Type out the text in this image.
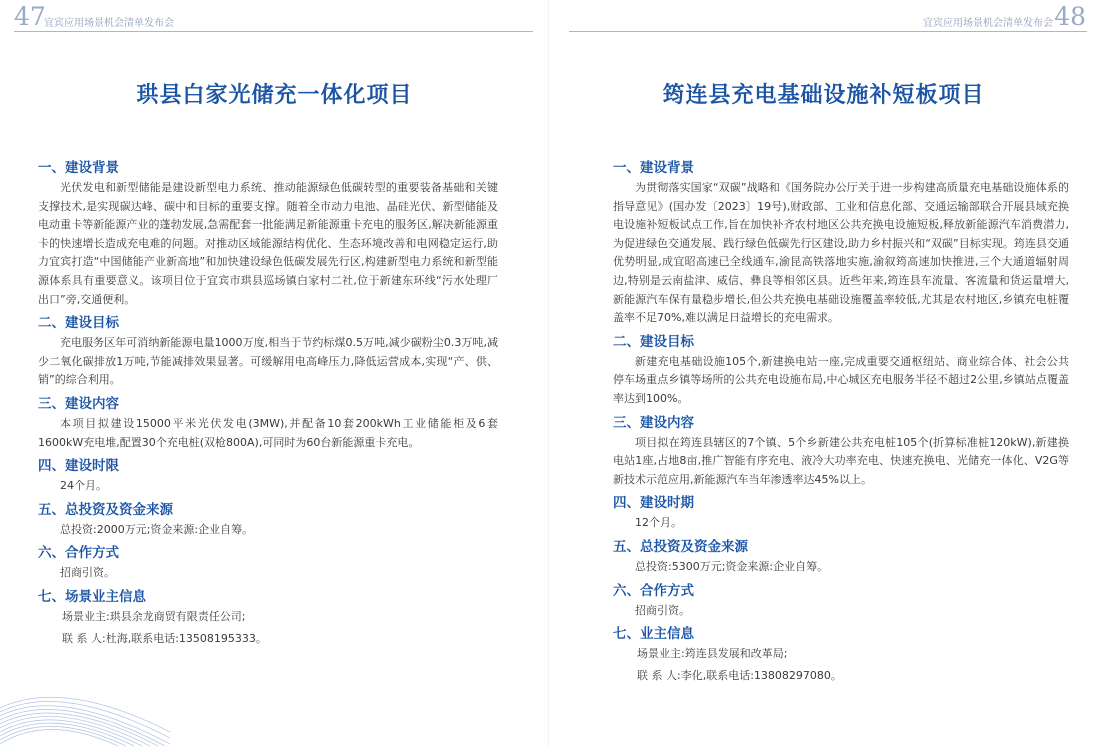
47
宜宾应用场景机会清单发布会
珙县白家光储充一体化项目
一、建设背景

光伏发电和新型储能是建设新型电力系统、推动能源绿色低碳转型的重要装备基础和关键支撑技术,是实现碳达峰、碳中和目标的重要支撑。随着全市动力电池、晶硅光伏、新型储能及电动重卡等新能源产业的蓬勃发展,急需配套一批能满足新能源重卡充电的服务区,解决新能源重卡的快速增长造成充电难的问题。对推动区域能源结构优化、生态环境改善和电网稳定运行,助力宜宾打造“中国储能产业新高地”和加快建设绿色低碳发展先行区,构建新型电力系统和新型能源体系具有重要意义。该项目位于宜宾市珙县巡场镇白家村二社,位于新建东环线“污水处理厂出口”旁,交通便利。

二、建设目标

充电服务区年可消纳新能源电量1000万度,相当于节约标煤0.5万吨,减少碳粉尘0.3万吨,减少二氧化碳排放1万吨,节能减排效果显著。可缓解用电高峰压力,降低运营成本,实现“产、供、销”的综合利用。

三、建设内容

本项目拟建设15000平米光伏发电(3MW),并配备10套200kWh工业储能柜及6套1600kW充电堆,配置30个充电桩(双枪800A),可同时为60台新能源重卡充电。

四、建设时限

24个月。

五、总投资及资金来源

总投资:2000万元;资金来源:企业自筹。

六、合作方式

招商引资。

七、场景业主信息

场景业主:珙县余龙商贸有限责任公司;

联 系 人:杜海,联系电话:13508195333。

48
宜宾应用场景机会清单发布会
筠连县充电基础设施补短板项目
一、建设背景

为贯彻落实国家“双碳”战略和《国务院办公厅关于进一步构建高质量充电基础设施体系的指导意见》(国办发〔2023〕19号),财政部、工业和信息化部、交通运输部联合开展县域充换电设施补短板试点工作,旨在加快补齐农村地区公共充换电设施短板,释放新能源汽车消费潜力,为促进绿色交通发展、践行绿色低碳先行区建设,助力乡村振兴和“双碳”目标实现。筠连县交通优势明显,成宜昭高速已全线通车,渝昆高铁落地实施,渝叙筠高速加快推进,三个大通道辐射周边,特别是云南盐津、威信、彝良等相邻区县。近些年来,筠连县车流量、客流量和货运量增大,新能源汽车保有量稳步增长,但公共充换电基础设施覆盖率较低,尤其是农村地区,乡镇充电桩覆盖率不足70%,难以满足日益增长的充电需求。

二、建设目标

新建充电基础设施105个,新建换电站一座,完成重要交通枢纽站、商业综合体、社会公共停车场重点乡镇等场所的公共充电设施布局,中心城区充电服务半径不超过2公里,乡镇站点覆盖率达到100%。

三、建设内容

项目拟在筠连县辖区的7个镇、5个乡新建公共充电桩105个(折算标准桩120kW),新建换电站1座,占地8亩,推广智能有序充电、液冷大功率充电、快速充换电、光储充一体化、V2G等新技术示范应用,新能源汽车当年渗透率达45%以上。

四、建设时期

12个月。

五、总投资及资金来源

总投资:5300万元;资金来源:企业自筹。

六、合作方式

招商引资。

七、业主信息

场景业主:筠连县发展和改革局;

联 系 人:李化,联系电话:13808297080。
